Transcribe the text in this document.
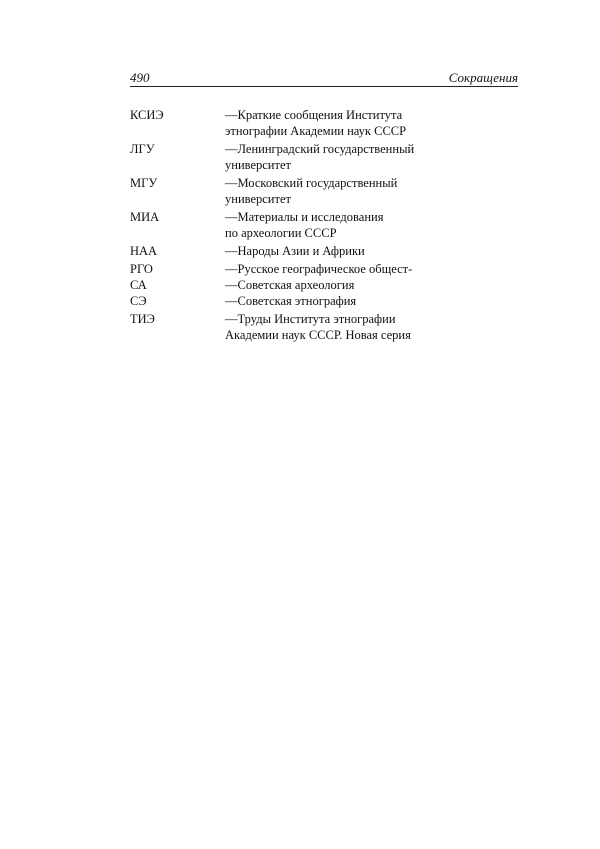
490	Сокращения
КСИЭ	—Краткие сообщения Института
этнографии Академии наук СССР
ЛГУ	—Ленинградский государственный
университет
МГУ	—Московский государственный
университет
МИА	—Материалы и исследования
по археологии СССР
НАА	—Народы Азии и Африки
РГО	—Русское географическое общест-
СА	—Советская археология
СЭ	—Советская этнография
ТИЭ	—Труды Института этнографии
Академии наук СССР. Новая серия
